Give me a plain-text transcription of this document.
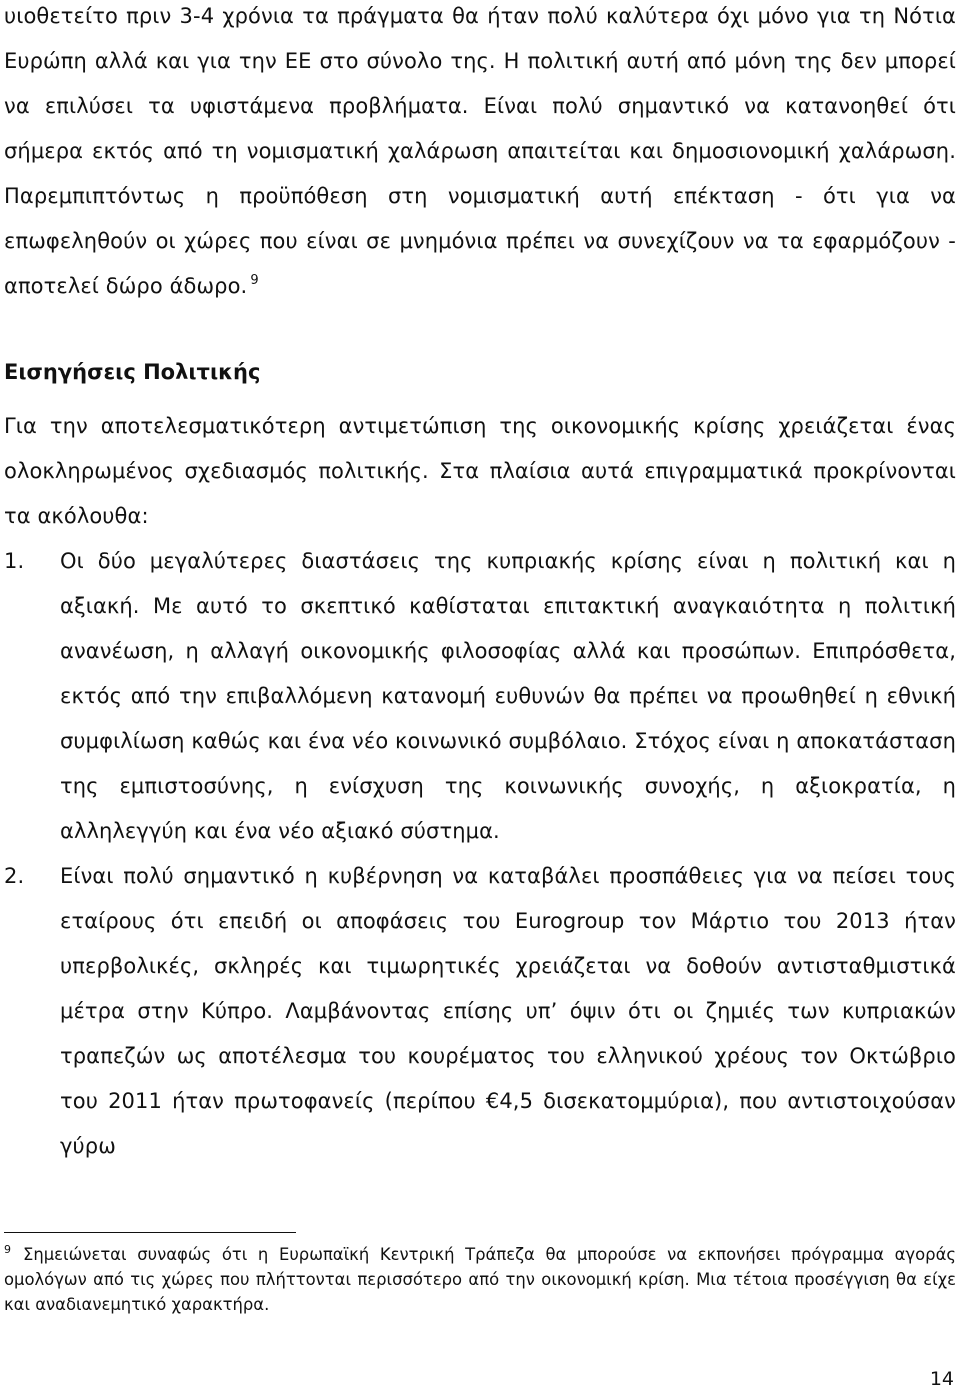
υιοθετείτο πριν 3-4 χρόνια τα πράγματα θα ήταν πολύ καλύτερα όχι μόνο για τη Νότια Ευρώπη αλλά και για την ΕΕ στο σύνολο της. Η πολιτική αυτή από μόνη της δεν μπορεί να επιλύσει τα υφιστάμενα προβλήματα. Είναι πολύ σημαντικό να κατανοηθεί ότι σήμερα εκτός από τη νομισματική χαλάρωση απαιτείται και δημοσιονομική χαλάρωση. Παρεμπιπτόντως η προϋπόθεση στη νομισματική αυτή επέκταση - ότι για να επωφεληθούν οι χώρες που είναι σε μνημόνια πρέπει να συνεχίζουν να τα εφαρμόζουν - αποτελεί δώρο άδωρο. $^9$

Εισηγήσεις Πολιτικής

Για την αποτελεσματικότερη αντιμετώπιση της οικονομικής κρίσης χρειάζεται ένας ολοκληρωμένος σχεδιασμός πολιτικής. Στα πλαίσια αυτά επιγραμματικά προκρίνονται τα ακόλουθα:

1. Οι δύο μεγαλύτερες διαστάσεις της κυπριακής κρίσης είναι η πολιτική και η αξιακή. Με αυτό το σκεπτικό καθίσταται επιτακτική αναγκαιότητα η πολιτική ανανέωση, η αλλαγή οικονομικής φιλοσοφίας αλλά και προσώπων. Επιπρόσθετα, εκτός από την επιβαλλόμενη κατανομή ευθυνών θα πρέπει να προωθηθεί η εθνική συμφιλίωση καθώς και ένα νέο κοινωνικό συμβόλαιο. Στόχος είναι η αποκατάσταση της εμπιστοσύνης, η ενίσχυση της κοινωνικής συνοχής, η αξιοκρατία, η αλληλεγγύη και ένα νέο αξιακό σύστημα.
2. Είναι πολύ σημαντικό η κυβέρνηση να καταβάλει προσπάθειες για να πείσει τους εταίρους ότι επειδή οι αποφάσεις του Eurogroup τον Μάρτιο του 2013 ήταν υπερβολικές, σκληρές και τιμωρητικές χρειάζεται να δοθούν αντισταθμιστικά μέτρα στην Κύπρο. Λαμβάνοντας επίσης υπ’ όψιν ότι οι ζημιές των κυπριακών τραπεζών ως αποτέλεσμα του κουρέματος του ελληνικού χρέους τον Οκτώβριο του 2011 ήταν πρωτοφανείς (περίπου €4,5 δισεκατομμύρια), που αντιστοιχούσαν γύρω

$^9$ Σημειώνεται συναφώς ότι η Ευρωπαϊκή Κεντρική Τράπεζα θα μπορούσε να εκπονήσει πρόγραμμα αγοράς ομολόγων από τις χώρες που πλήττονται περισσότερο από την οικονομική κρίση. Μια τέτοια προσέγγιση θα είχε και αναδιανεμητικό χαρακτήρα.

14
